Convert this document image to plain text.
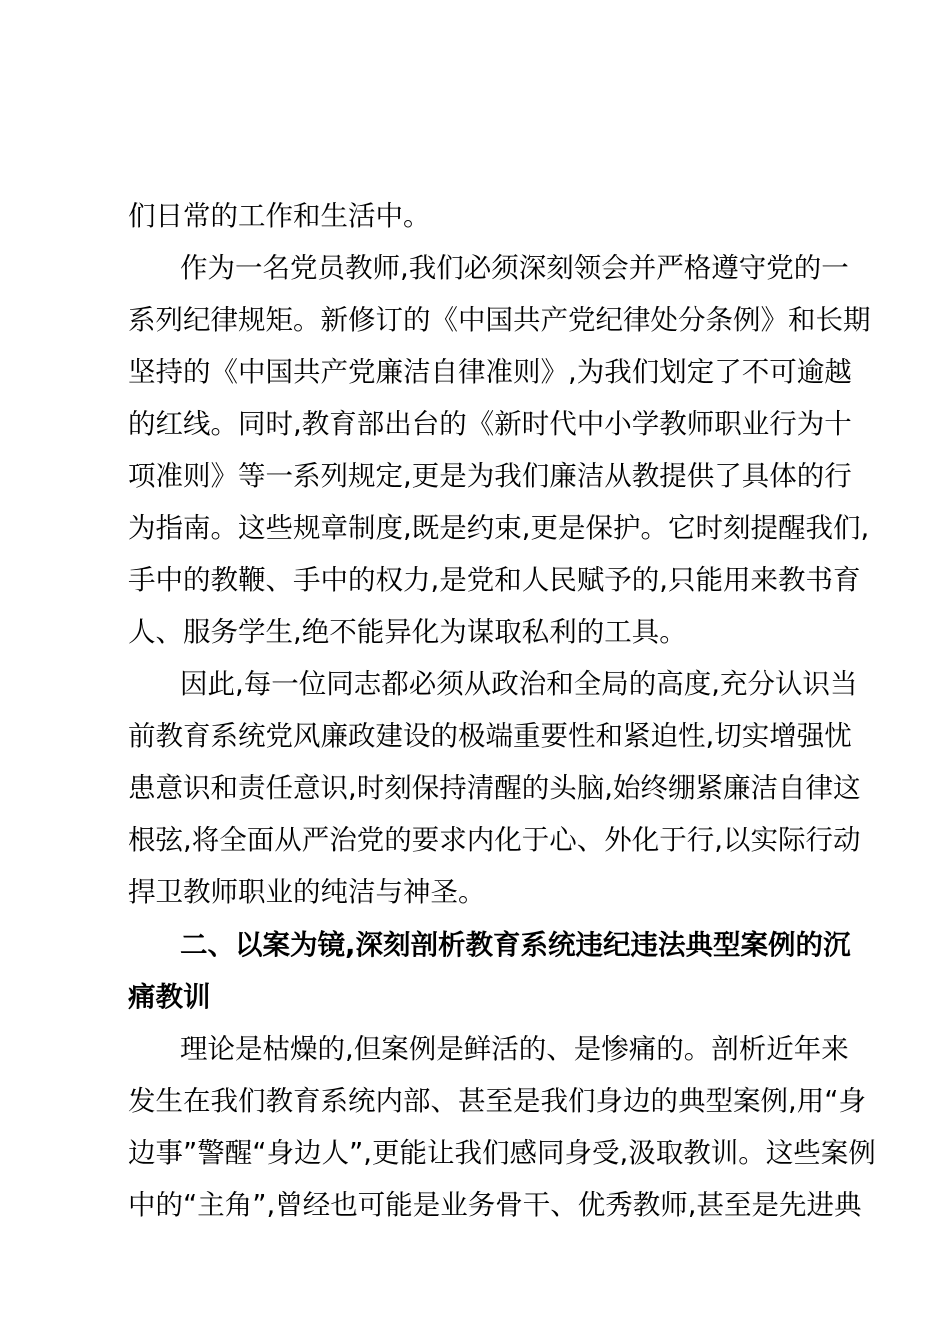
们日常的工作和生活中。
作为一名党员教师,我们必须深刻领会并严格遵守党的一
系列纪律规矩。新修订的《中国共产党纪律处分条例》和长期
坚持的《中国共产党廉洁自律准则》,为我们划定了不可逾越
的红线。同时,教育部出台的《新时代中小学教师职业行为十
项准则》等一系列规定,更是为我们廉洁从教提供了具体的行
为指南。这些规章制度,既是约束,更是保护。它时刻提醒我们,
手中的教鞭、手中的权力,是党和人民赋予的,只能用来教书育
人、服务学生,绝不能异化为谋取私利的工具。
因此,每一位同志都必须从政治和全局的高度,充分认识当
前教育系统党风廉政建设的极端重要性和紧迫性,切实增强忧
患意识和责任意识,时刻保持清醒的头脑,始终绷紧廉洁自律这
根弦,将全面从严治党的要求内化于心、外化于行,以实际行动
捍卫教师职业的纯洁与神圣。
二、以案为镜,深刻剖析教育系统违纪违法典型案例的沉
痛教训
理论是枯燥的,但案例是鲜活的、是惨痛的。剖析近年来
发生在我们教育系统内部、甚至是我们身边的典型案例,用“身
边事”警醒“身边人”,更能让我们感同身受,汲取教训。这些案例
中的“主角”,曾经也可能是业务骨干、优秀教师,甚至是先进典
